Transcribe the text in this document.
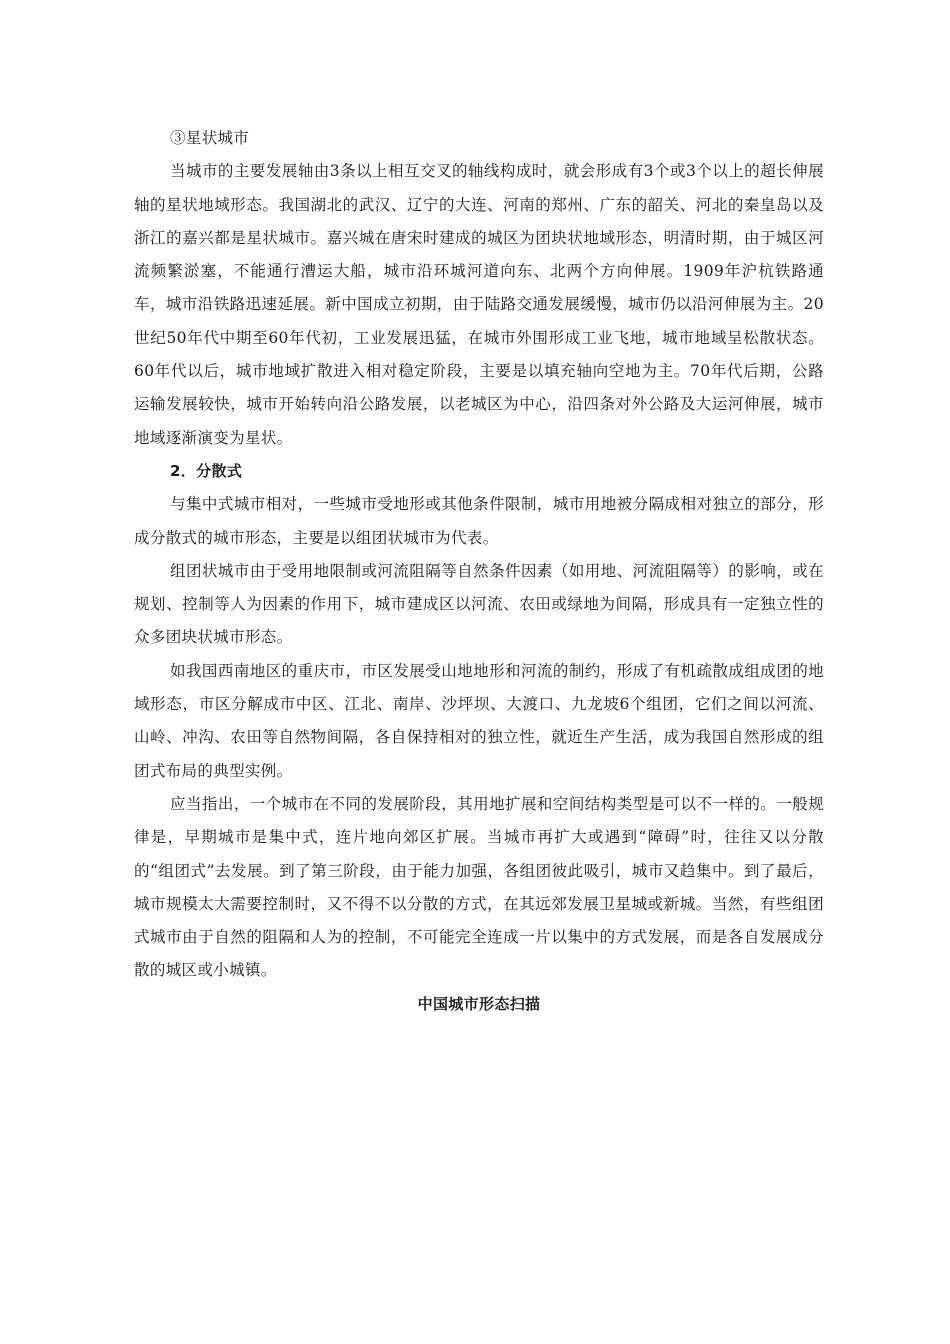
③星状城市

当城市的主要发展轴由3条以上相互交叉的轴线构成时，就会形成有3个或3个以上的超长伸展轴的星状地域形态。我国湖北的武汉、辽宁的大连、河南的郑州、广东的韶关、河北的秦皇岛以及浙江的嘉兴都是星状城市。嘉兴城在唐宋时建成的城区为团块状地域形态，明清时期，由于城区河流频繁淤塞，不能通行漕运大船，城市沿环城河道向东、北两个方向伸展。1909年沪杭铁路通车，城市沿铁路迅速延展。新中国成立初期，由于陆路交通发展缓慢，城市仍以沿河伸展为主。20世纪50年代中期至60年代初，工业发展迅猛，在城市外围形成工业飞地，城市地域呈松散状态。60年代以后，城市地域扩散进入相对稳定阶段，主要是以填充轴向空地为主。70年代后期，公路运输发展较快，城市开始转向沿公路发展，以老城区为中心，沿四条对外公路及大运河伸展，城市地域逐渐演变为星状。

2．分散式

与集中式城市相对，一些城市受地形或其他条件限制，城市用地被分隔成相对独立的部分，形成分散式的城市形态，主要是以组团状城市为代表。

组团状城市由于受用地限制或河流阻隔等自然条件因素（如用地、河流阻隔等）的影响，或在规划、控制等人为因素的作用下，城市建成区以河流、农田或绿地为间隔，形成具有一定独立性的众多团块状城市形态。

如我国西南地区的重庆市，市区发展受山地地形和河流的制约，形成了有机疏散成组成团的地域形态，市区分解成市中区、江北、南岸、沙坪坝、大渡口、九龙坡6个组团，它们之间以河流、山岭、冲沟、农田等自然物间隔，各自保持相对的独立性，就近生产生活，成为我国自然形成的组团式布局的典型实例。

应当指出，一个城市在不同的发展阶段，其用地扩展和空间结构类型是可以不一样的。一般规律是，早期城市是集中式，连片地向郊区扩展。当城市再扩大或遇到“障碍”时，往往又以分散的“组团式”去发展。到了第三阶段，由于能力加强，各组团彼此吸引，城市又趋集中。到了最后，城市规模太大需要控制时，又不得不以分散的方式，在其远郊发展卫星城或新城。当然，有些组团式城市由于自然的阻隔和人为的控制，不可能完全连成一片以集中的方式发展，而是各自发展成分散的城区或小城镇。

中国城市形态扫描
